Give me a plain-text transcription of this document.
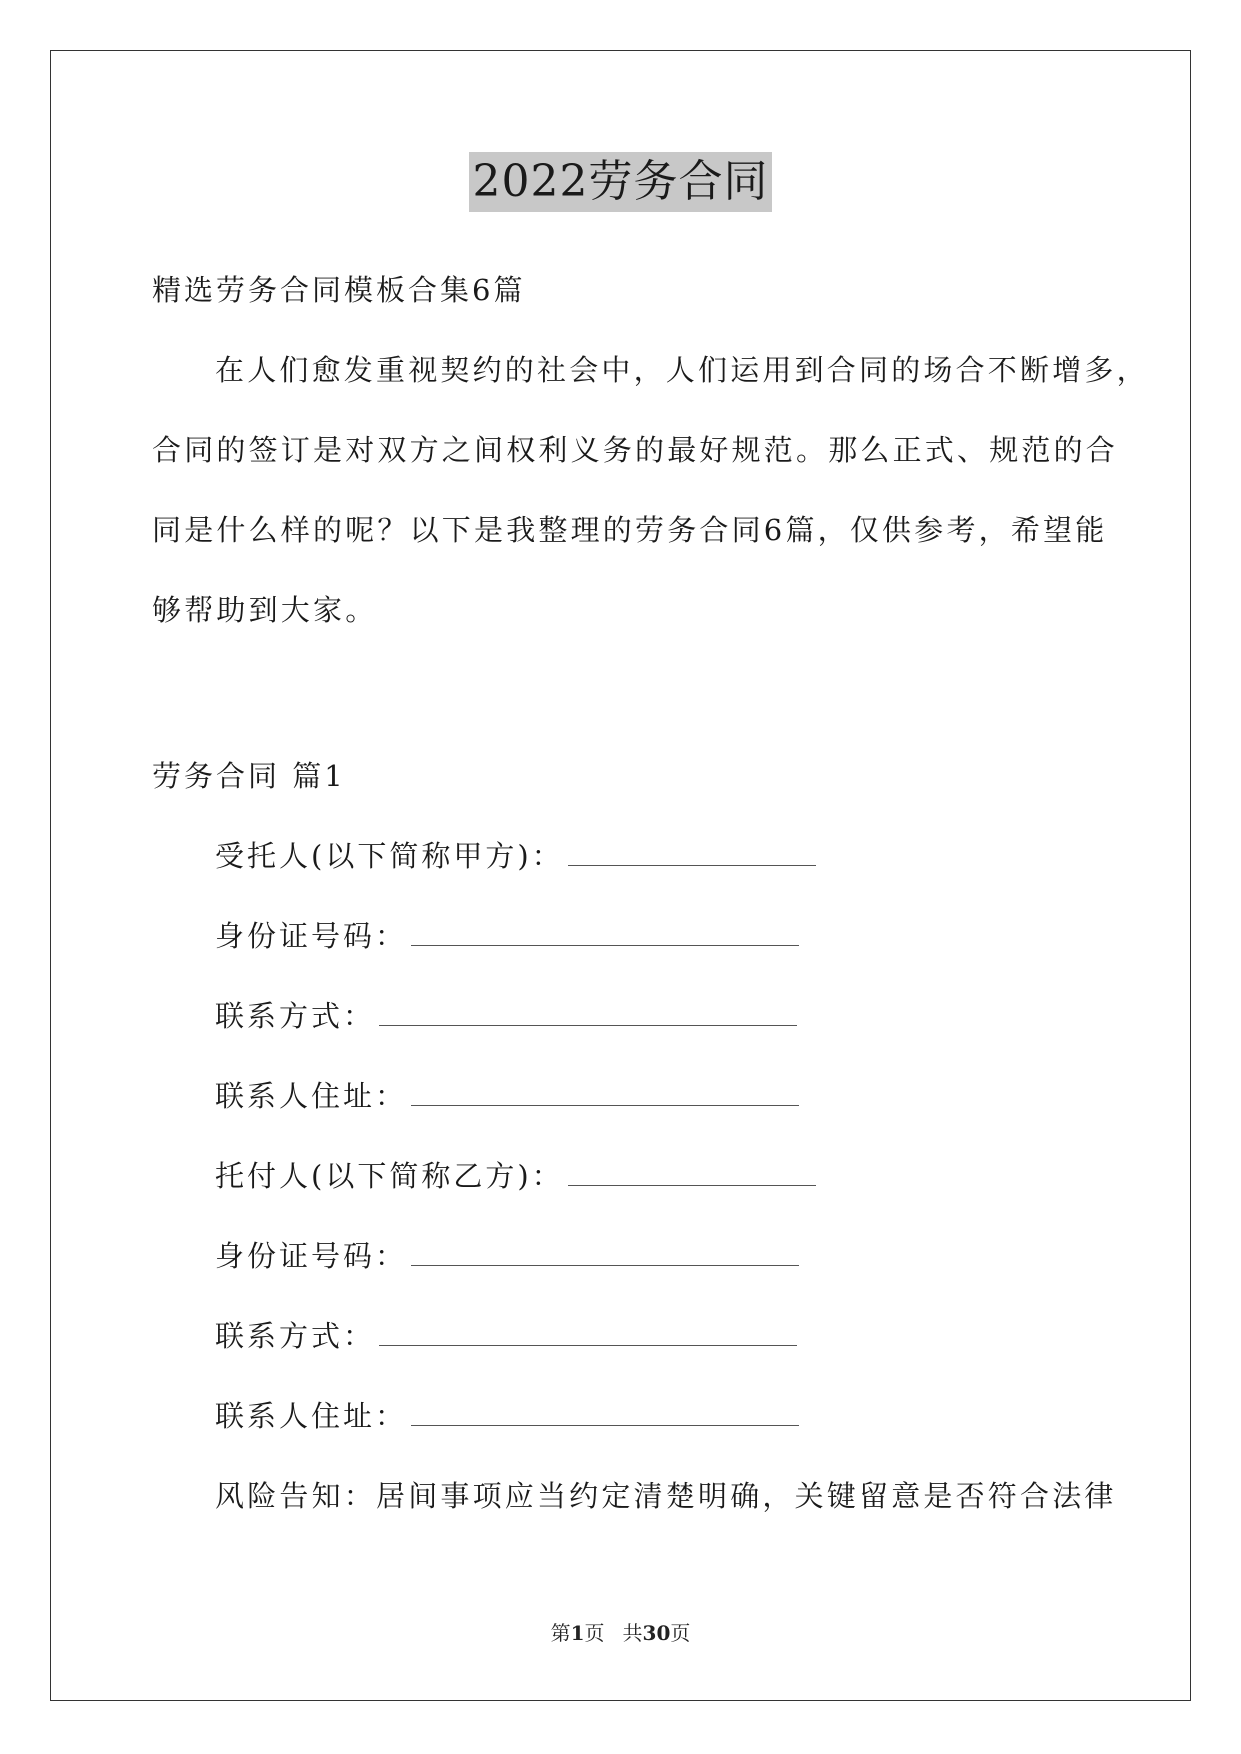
2022劳务合同
精选劳务合同模板合集6篇
在人们愈发重视契约的社会中，人们运用到合同的场合不断增多，
合同的签订是对双方之间权利义务的最好规范。那么正式、规范的合
同是什么样的呢？以下是我整理的劳务合同6篇，仅供参考，希望能
够帮助到大家。
劳务合同 篇1
受托人(以下简称甲方)：
身份证号码：
联系方式：
联系人住址：
托付人(以下简称乙方)：
身份证号码：
联系方式：
联系人住址：
风险告知：居间事项应当约定清楚明确，关键留意是否符合法律
第1页 共30页
